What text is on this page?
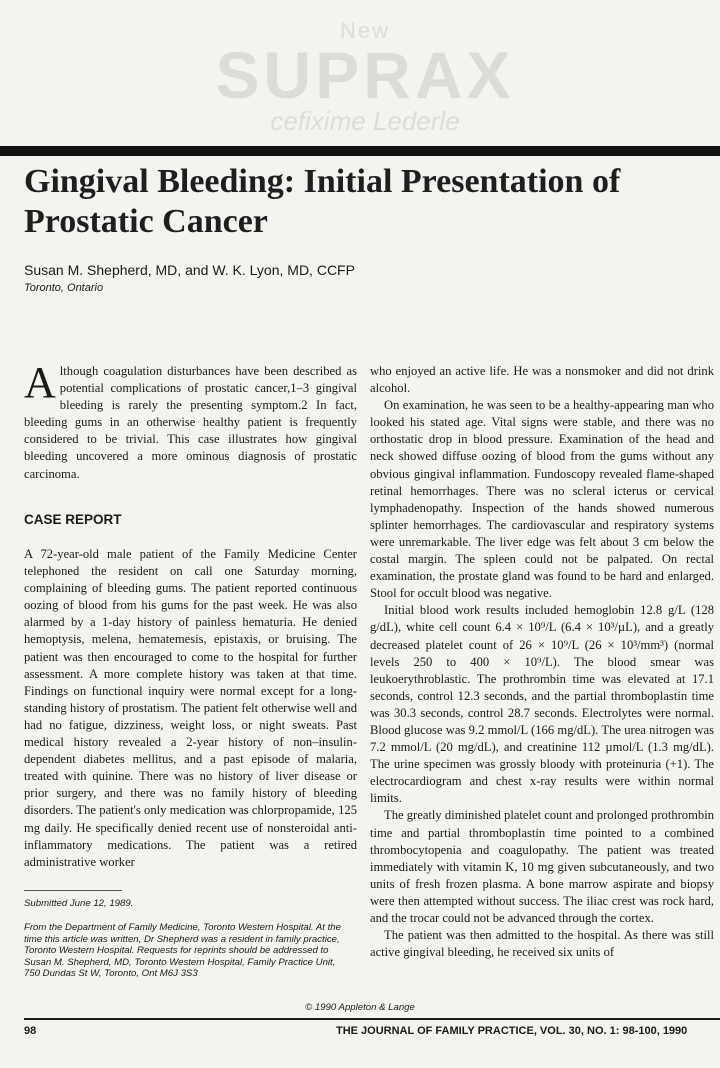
New
SUPRAX
cefixime Lederle
Gingival Bleeding: Initial Presentation of Prostatic Cancer
Susan M. Shepherd, MD, and W. K. Lyon, MD, CCFP
Toronto, Ontario

Although coagulation disturbances have been described as potential complications of prostatic cancer,1–3 gingival bleeding is rarely the presenting symptom.2 In fact, bleeding gums in an otherwise healthy patient is frequently considered to be trivial. This case illustrates how gingival bleeding uncovered a more ominous diagnosis of prostatic carcinoma.

CASE REPORT

A 72-year-old male patient of the Family Medicine Center telephoned the resident on call one Saturday morning, complaining of bleeding gums. The patient reported continuous oozing of blood from his gums for the past week. He was also alarmed by a 1-day history of painless hematuria. He denied hemoptysis, melena, hematemesis, epistaxis, or bruising. The patient was then encouraged to come to the hospital for further assessment. A more complete history was taken at that time. Findings on functional inquiry were normal except for a long-standing history of prostatism. The patient felt otherwise well and had no fatigue, dizziness, weight loss, or night sweats. Past medical history revealed a 2-year history of non–insulin-dependent diabetes mellitus, and a past episode of malaria, treated with quinine. There was no history of liver disease or prior surgery, and there was no family history of bleeding disorders. The patient's only medication was chlorpropamide, 125 mg daily. He specifically denied recent use of nonsteroidal anti-inflammatory medications. The patient was a retired administrative worker

Submitted June 12, 1989.
From the Department of Family Medicine, Toronto Western Hospital. At the time this article was written, Dr Shepherd was a resident in family practice, Toronto Western Hospital. Requests for reprints should be addressed to Susan M. Shepherd, MD, Toronto Western Hospital, Family Practice Unit, 750 Dundas St W, Toronto, Ont M6J 3S3

who enjoyed an active life. He was a nonsmoker and did not drink alcohol.

On examination, he was seen to be a healthy-appearing man who looked his stated age. Vital signs were stable, and there was no orthostatic drop in blood pressure. Examination of the head and neck showed diffuse oozing of blood from the gums without any obvious gingival inflammation. Fundoscopy revealed flame-shaped retinal hemorrhages. There was no scleral icterus or cervical lymphadenopathy. Inspection of the hands showed numerous splinter hemorrhages. The cardiovascular and respiratory systems were unremarkable. The liver edge was felt about 3 cm below the costal margin. The spleen could not be palpated. On rectal examination, the prostate gland was found to be hard and enlarged. Stool for occult blood was negative.

Initial blood work results included hemoglobin 12.8 g/L (128 g/dL), white cell count 6.4 × 10⁹/L (6.4 × 10³/µL), and a greatly decreased platelet count of 26 × 10⁹/L (26 × 10³/mm³) (normal levels 250 to 400 × 10⁹/L). The blood smear was leukoerythroblastic. The prothrombin time was elevated at 17.1 seconds, control 12.3 seconds, and the partial thromboplastin time was 30.3 seconds, control 28.7 seconds. Electrolytes were normal. Blood glucose was 9.2 mmol/L (166 mg/dL). The urea nitrogen was 7.2 mmol/L (20 mg/dL), and creatinine 112 µmol/L (1.3 mg/dL). The urine specimen was grossly bloody with proteinuria (+1). The electrocardiogram and chest x-ray results were within normal limits.

The greatly diminished platelet count and prolonged prothrombin time and partial thromboplastin time pointed to a combined thrombocytopenia and coagulopathy. The patient was treated immediately with vitamin K, 10 mg given subcutaneously, and two units of fresh frozen plasma. A bone marrow aspirate and biopsy were then attempted without success. The iliac crest was rock hard, and the trocar could not be advanced through the cortex.

The patient was then admitted to the hospital. As there was still active gingival bleeding, he received six units of

© 1990 Appleton & Lange
98	THE JOURNAL OF FAMILY PRACTICE, VOL. 30, NO. 1: 98-100, 1990
